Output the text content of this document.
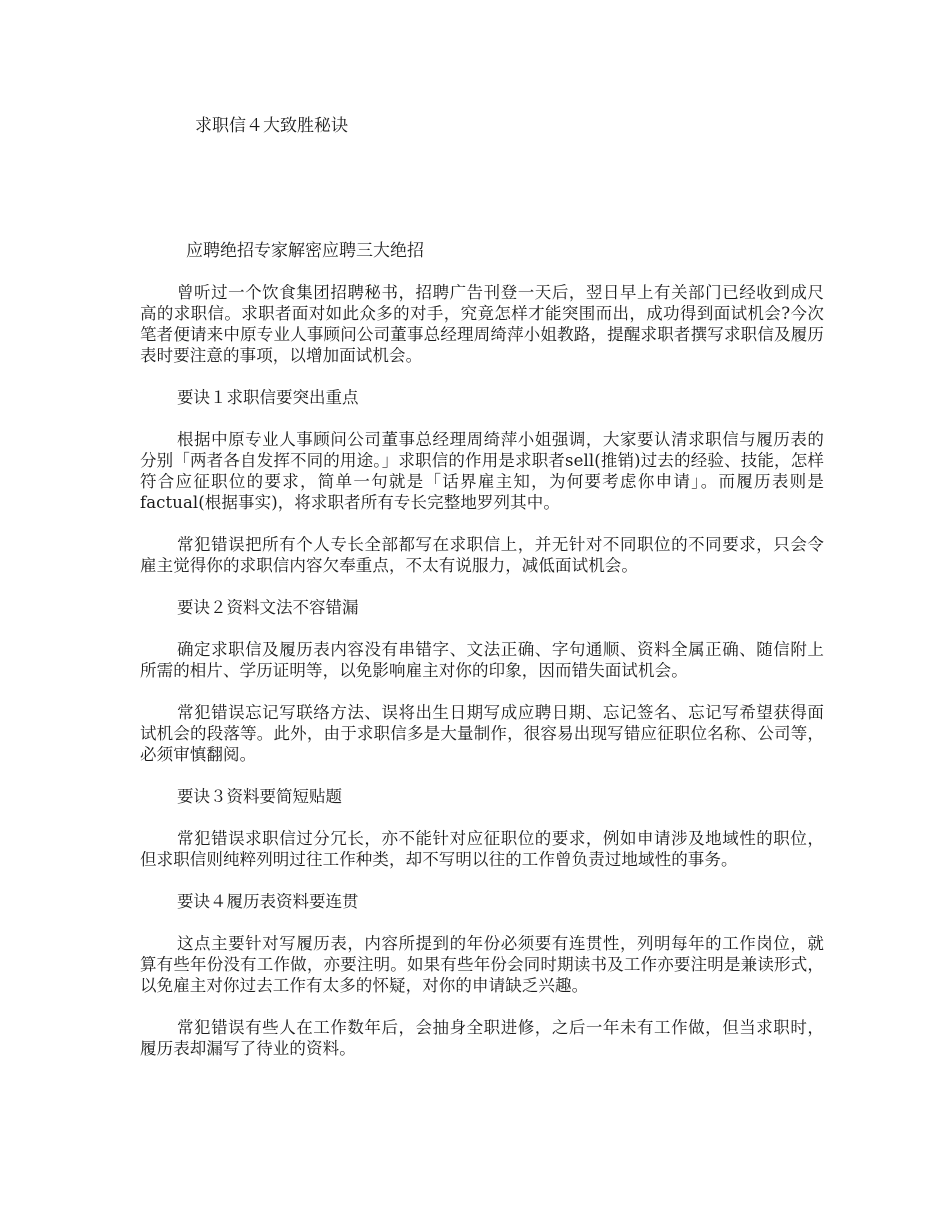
求职信４大致胜秘诀
应聘绝招专家解密应聘三大绝招

曾听过一个饮食集团招聘秘书，招聘广告刊登一天后，翌日早上有关部门已经收到成尺高的求职信。求职者面对如此众多的对手，究竟怎样才能突围而出，成功得到面试机会?今次笔者便请来中原专业人事顾问公司董事总经理周绮萍小姐教路，提醒求职者撰写求职信及履历表时要注意的事项，以增加面试机会。

要诀１求职信要突出重点

根据中原专业人事顾问公司董事总经理周绮萍小姐强调，大家要认清求职信与履历表的分别「两者各自发挥不同的用途。」求职信的作用是求职者sell(推销)过去的经验、技能，怎样符合应征职位的要求，简单一句就是「话界雇主知，为何要考虑你申请」。而履历表则是factual(根据事实)，将求职者所有专长完整地罗列其中。

常犯错误把所有个人专长全部都写在求职信上，并无针对不同职位的不同要求，只会令雇主觉得你的求职信内容欠奉重点，不太有说服力，减低面试机会。

要诀２资料文法不容错漏

确定求职信及履历表内容没有串错字、文法正确、字句通顺、资料全属正确、随信附上所需的相片、学历证明等，以免影响雇主对你的印象，因而错失面试机会。

常犯错误忘记写联络方法、误将出生日期写成应聘日期、忘记签名、忘记写希望获得面试机会的段落等。此外，由于求职信多是大量制作，很容易出现写错应征职位名称、公司等，必须审慎翻阅。

要诀３资料要简短贴题

常犯错误求职信过分冗长，亦不能针对应征职位的要求，例如申请涉及地域性的职位，但求职信则纯粹列明过往工作种类，却不写明以往的工作曾负责过地域性的事务。

要诀４履历表资料要连贯

这点主要针对写履历表，内容所提到的年份必须要有连贯性，列明每年的工作岗位，就算有些年份没有工作做，亦要注明。如果有些年份会同时期读书及工作亦要注明是兼读形式，以免雇主对你过去工作有太多的怀疑，对你的申请缺乏兴趣。

常犯错误有些人在工作数年后，会抽身全职进修，之后一年未有工作做，但当求职时，履历表却漏写了待业的资料。
